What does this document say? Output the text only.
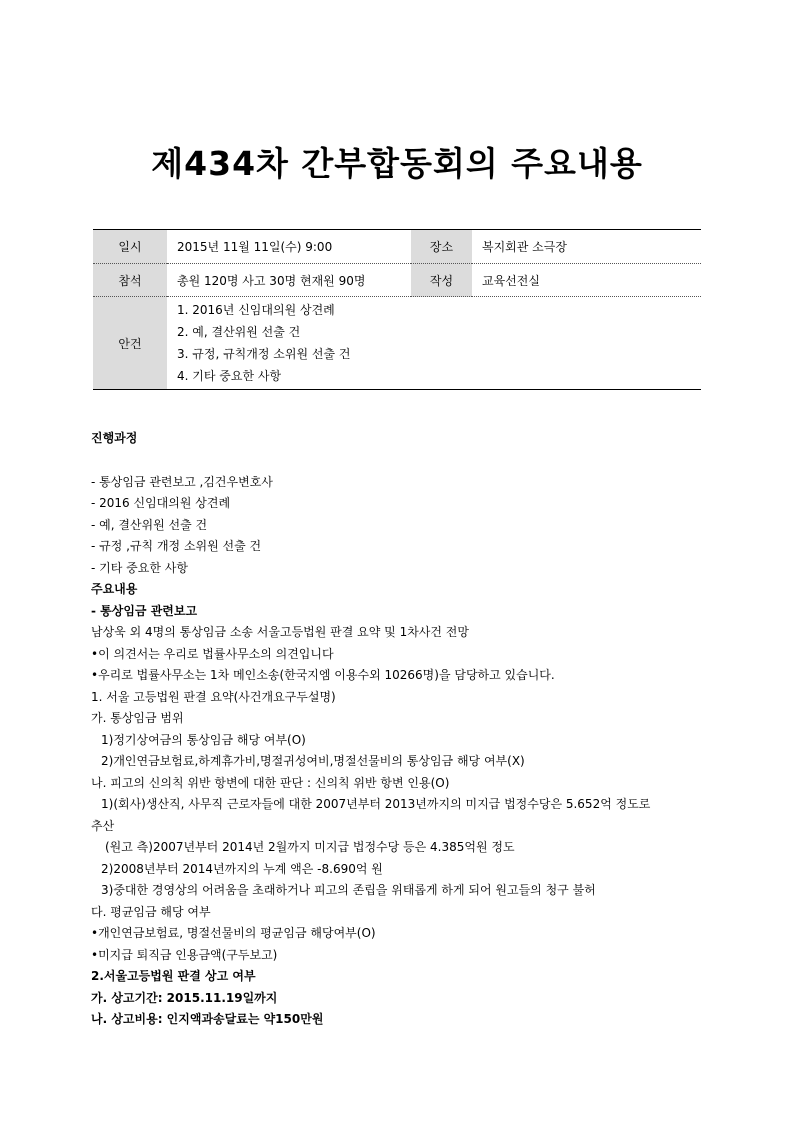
제434차 간부합동회의 주요내용
일시	2015년 11월 11일(수) 9:00	장소	복지회관 소극장
참석	총원 120명 사고 30명 현재원 90명	작성	교육선전실
안건	1. 2016년 신임대의원 상견례
2. 예, 결산위원 선출 건
3. 규정, 규칙개정 소위원 선출 건
4. 기타 중요한 사항		
진행과정
- 통상임금 관련보고 ,김건우변호사
- 2016 신임대의원 상견례
- 예, 결산위원 선출 건
- 규정 ,규칙 개정 소위원 선출 건
- 기타 중요한 사항
주요내용
- 통상임금 관련보고
남상욱 외 4명의 통상임금 소송 서울고등법원 판결 요약 및 1차사건 전망
•이 의견서는 우리로 법률사무소의 의견입니다
•우리로 법률사무소는 1차 메인소송(한국지엠 이용수외 10266명)을 담당하고 있습니다.
1. 서울 고등법원 판결 요약(사건개요구두설명)
가. 통상임금 범위
1)정기상여금의 통상임금 해당 여부(O)
2)개인연금보험료,하계휴가비,명절귀성여비,명절선물비의 통상임금 해당 여부(X)
나. 피고의 신의칙 위반 항변에 대한 판단 : 신의칙 위반 항변 인용(O)
1)(회사)생산직, 사무직 근로자들에 대한 2007년부터 2013년까지의 미지급 법정수당은 5.652억 정도로
추산
(원고 측)2007년부터 2014년 2월까지 미지급 법정수당 등은 4.385억원 정도
2)2008년부터 2014년까지의 누계 액은 -8.690억 원
3)중대한 경영상의 어려움을 초래하거나 피고의 존립을 위태롭게 하게 되어 원고들의 청구 불허
다. 평균임금 해당 여부
•개인연금보험료, 명절선물비의 평균임금 해당여부(O)
•미지급 퇴직금 인용금액(구두보고)
2.서울고등법원 판결 상고 여부
가. 상고기간: 2015.11.19일까지
나. 상고비용: 인지액과송달료는 약150만원
